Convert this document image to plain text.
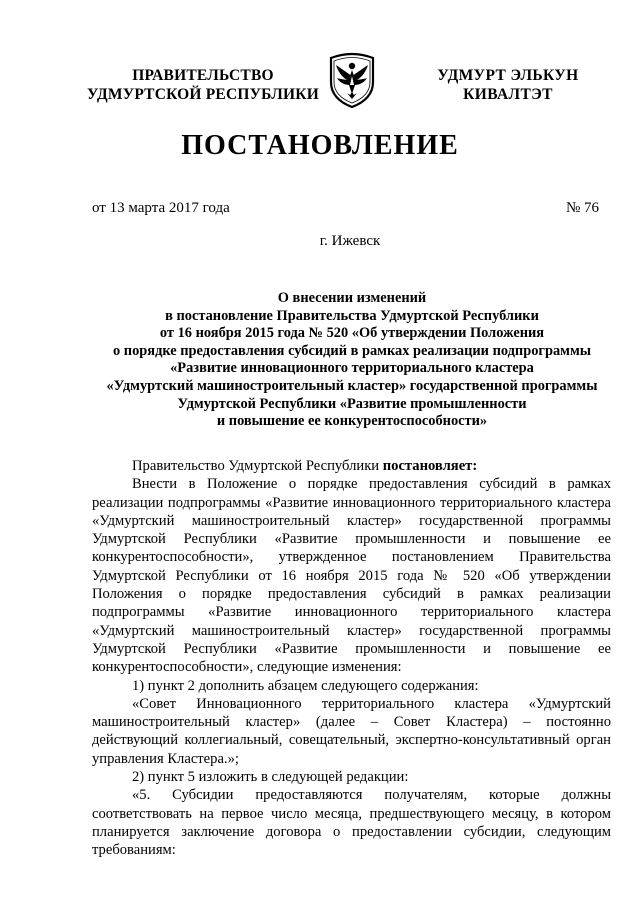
ПРАВИТЕЛЬСТВО
УДМУРТСКОЙ РЕСПУБЛИКИ
УДМУРТ ЭЛЬКУН
КИВАЛТЭТ
ПОСТАНОВЛЕНИЕ
от 13 марта 2017 года	№ 76
г. Ижевск
О внесении изменений
в постановление Правительства Удмуртской Республики
от 16 ноября 2015 года № 520 «Об утверждении Положения
о порядке предоставления субсидий в рамках реализации подпрограммы
«Развитие инновационного территориального кластера
«Удмуртский машиностроительный кластер» государственной программы
Удмуртской Республики «Развитие промышленности
и повышение ее конкурентоспособности»

Правительство Удмуртской Республики постановляет:

Внести в Положение о порядке предоставления субсидий в рамках реализации подпрограммы «Развитие инновационного территориального кластера «Удмуртский машиностроительный кластер» государственной программы Удмуртской Республики «Развитие промышленности и повышение ее конкурентоспособности», утвержденное постановлением Правительства Удмуртской Республики от 16 ноября 2015 года № 520 «Об утверждении Положения о порядке предоставления субсидий в рамках реализации подпрограммы «Развитие инновационного территориального кластера «Удмуртский машиностроительный кластер» государственной программы Удмуртской Республики «Развитие промышленности и повышение ее конкурентоспособности», следующие изменения:

1) пункт 2 дополнить абзацем следующего содержания:

«Совет Инновационного территориального кластера «Удмуртский машиностроительный кластер» (далее – Совет Кластера) – постоянно действующий коллегиальный, совещательный, экспертно-консультативный орган управления Кластера.»;

2) пункт 5 изложить в следующей редакции:

«5. Субсидии предоставляются получателям, которые должны соответствовать на первое число месяца, предшествующего месяцу, в котором планируется заключение договора о предоставлении субсидии, следующим требованиям:
